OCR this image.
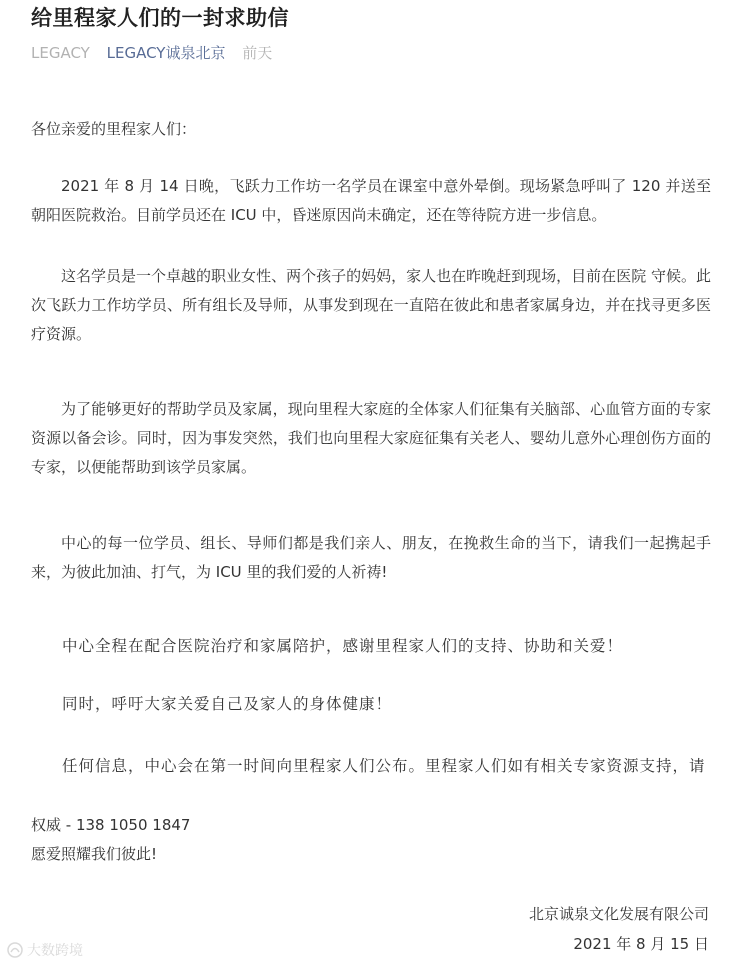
给里程家人们的一封求助信
LEGACY LEGACY诚泉北京 前天
各位亲爱的里程家人们：
2021 年 8 月 14 日晚，飞跃力工作坊一名学员在课室中意外晕倒。现场紧急呼叫了 120 并送至朝阳医院救治。目前学员还在 ICU 中，昏迷原因尚未确定，还在等待院方进一步信息。
这名学员是一个卓越的职业女性、两个孩子的妈妈，家人也在昨晚赶到现场，目前在医院 守候。此次飞跃力工作坊学员、所有组长及导师，从事发到现在一直陪在彼此和患者家属身边，并在找寻更多医疗资源。
为了能够更好的帮助学员及家属，现向里程大家庭的全体家人们征集有关脑部、心血管方面的专家资源以备会诊。同时，因为事发突然，我们也向里程大家庭征集有关老人、婴幼儿意外心理创伤方面的专家，以便能帮助到该学员家属。
中心的每一位学员、组长、导师们都是我们亲人、朋友，在挽救生命的当下，请我们一起携起手来，为彼此加油、打气，为 ICU 里的我们爱的人祈祷!
中心全程在配合医院治疗和家属陪护，感谢里程家人们的支持、协助和关爱！
同时，呼吁大家关爱自己及家人的身体健康！
任何信息，中心会在第一时间向里程家人们公布。里程家人们如有相关专家资源支持，请
权威 - 138 1050 1847
愿爱照耀我们彼此!
北京诚泉文化发展有限公司
2021 年 8 月 15 日
大数跨境
